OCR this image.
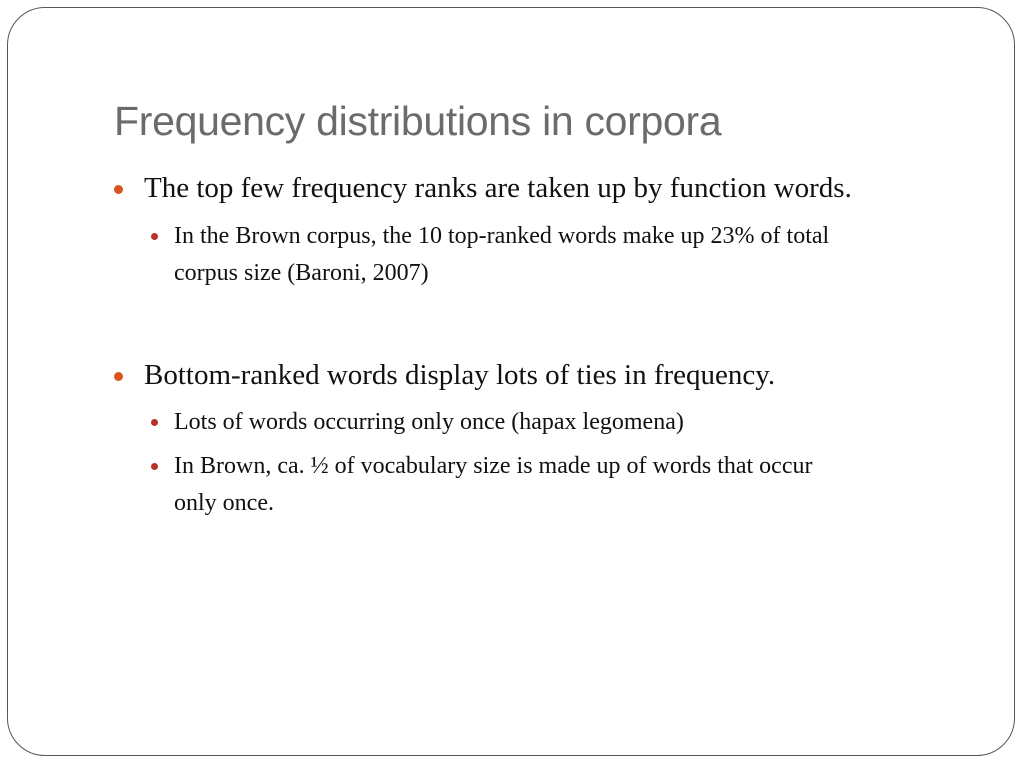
Frequency distributions in corpora
The top few frequency ranks are taken up by function words.
In the Brown corpus, the 10 top-ranked words make up 23% of total
corpus size (Baroni, 2007)
Bottom-ranked words display lots of ties in frequency.
Lots of words occurring only once (hapax legomena)
In Brown, ca. ½ of vocabulary size is made up of words that occur
only once.
